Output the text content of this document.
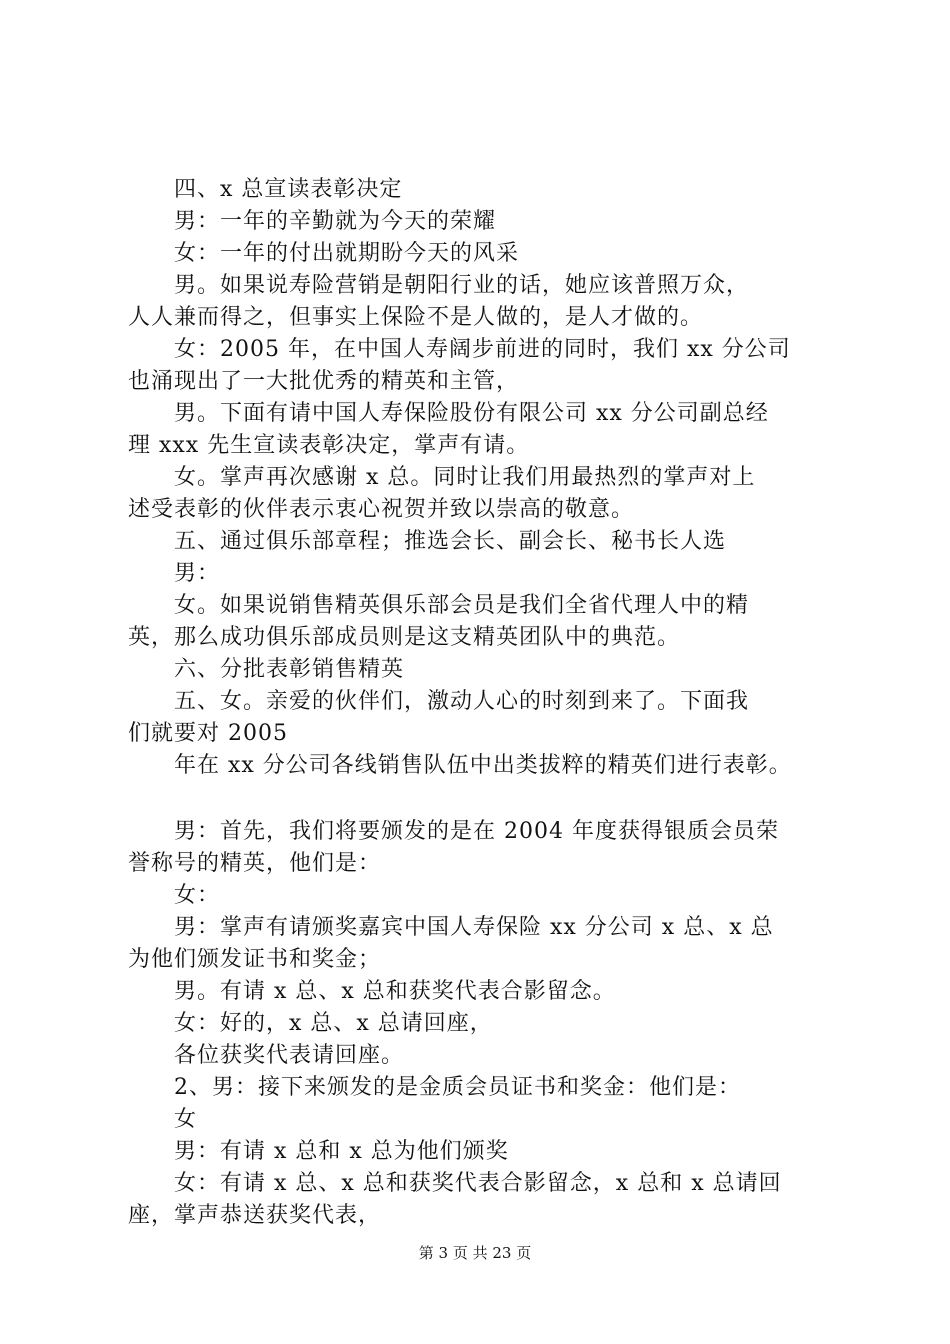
四、x 总宣读表彰决定
男：一年的辛勤就为今天的荣耀
女：一年的付出就期盼今天的风采
男。如果说寿险营销是朝阳行业的话，她应该普照万众，
人人兼而得之，但事实上保险不是人做的，是人才做的。
女：2005 年，在中国人寿阔步前进的同时，我们 xx 分公司
也涌现出了一大批优秀的精英和主管，
男。下面有请中国人寿保险股份有限公司 xx 分公司副总经
理 xxx 先生宣读表彰决定，掌声有请。
女。掌声再次感谢 x 总。同时让我们用最热烈的掌声对上
述受表彰的伙伴表示衷心祝贺并致以崇高的敬意。
五、通过俱乐部章程；推选会长、副会长、秘书长人选
男：
女。如果说销售精英俱乐部会员是我们全省代理人中的精
英，那么成功俱乐部成员则是这支精英团队中的典范。
六、分批表彰销售精英
五、女。亲爱的伙伴们，激动人心的时刻到来了。下面我
们就要对 2005
年在 xx 分公司各线销售队伍中出类拔粹的精英们进行表彰。
男：首先，我们将要颁发的是在 2004 年度获得银质会员荣
誉称号的精英，他们是：
女：
男：掌声有请颁奖嘉宾中国人寿保险 xx 分公司 x 总、x 总
为他们颁发证书和奖金；
男。有请 x 总、x 总和获奖代表合影留念。
女：好的，x 总、x 总请回座，
各位获奖代表请回座。
2、男：接下来颁发的是金质会员证书和奖金：他们是：
女
男：有请 x 总和 x 总为他们颁奖
女：有请 x 总、x 总和获奖代表合影留念，x 总和 x 总请回
座，掌声恭送获奖代表，
第 3 页 共 23 页
